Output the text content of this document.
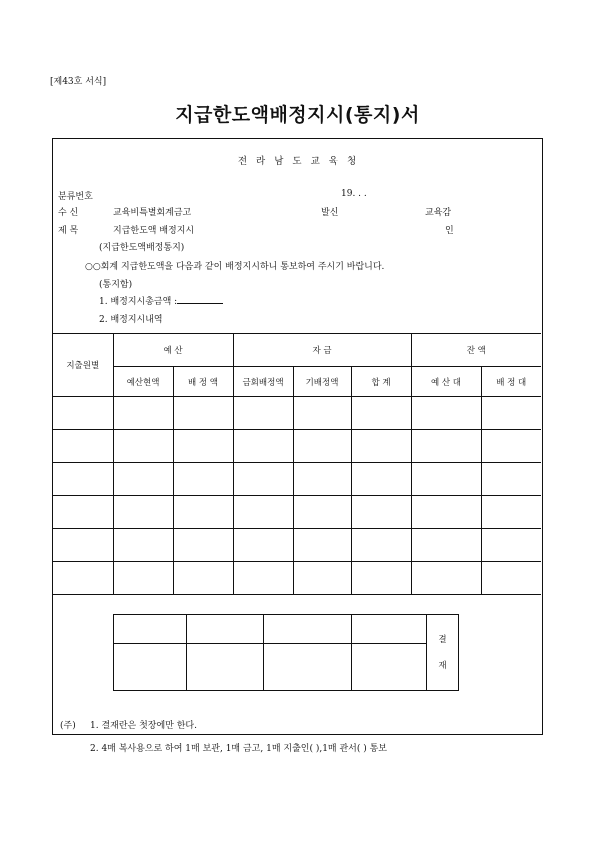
[제43호 서식]
지급한도액배정지시(통지)서
전 라 남 도 교 육 청
분류번호	19. . .
수 신	교육비특별회계금고	발신	교육감
제 목	지급한도액 배정지시	인
(지급한도액배정통지)
○○회계 지급한도액을 다음과 같이 배정지시하니 통보하여 주시기 바랍니다.
(통지함)
1. 배정지시총금액 :
2. 배정지시내역
지출원별	예 산		자 금			잔 액	
	예산현액	배 정 액	금회배정액	기배정액	합 계	예 산 대	배 정 대

				결
재

(주) 1. 결재란은 첫장에만 한다.
2. 4매 복사용으로 하여 1매 보관, 1매 금고, 1매 지출인( ),1매 관서( ) 통보
